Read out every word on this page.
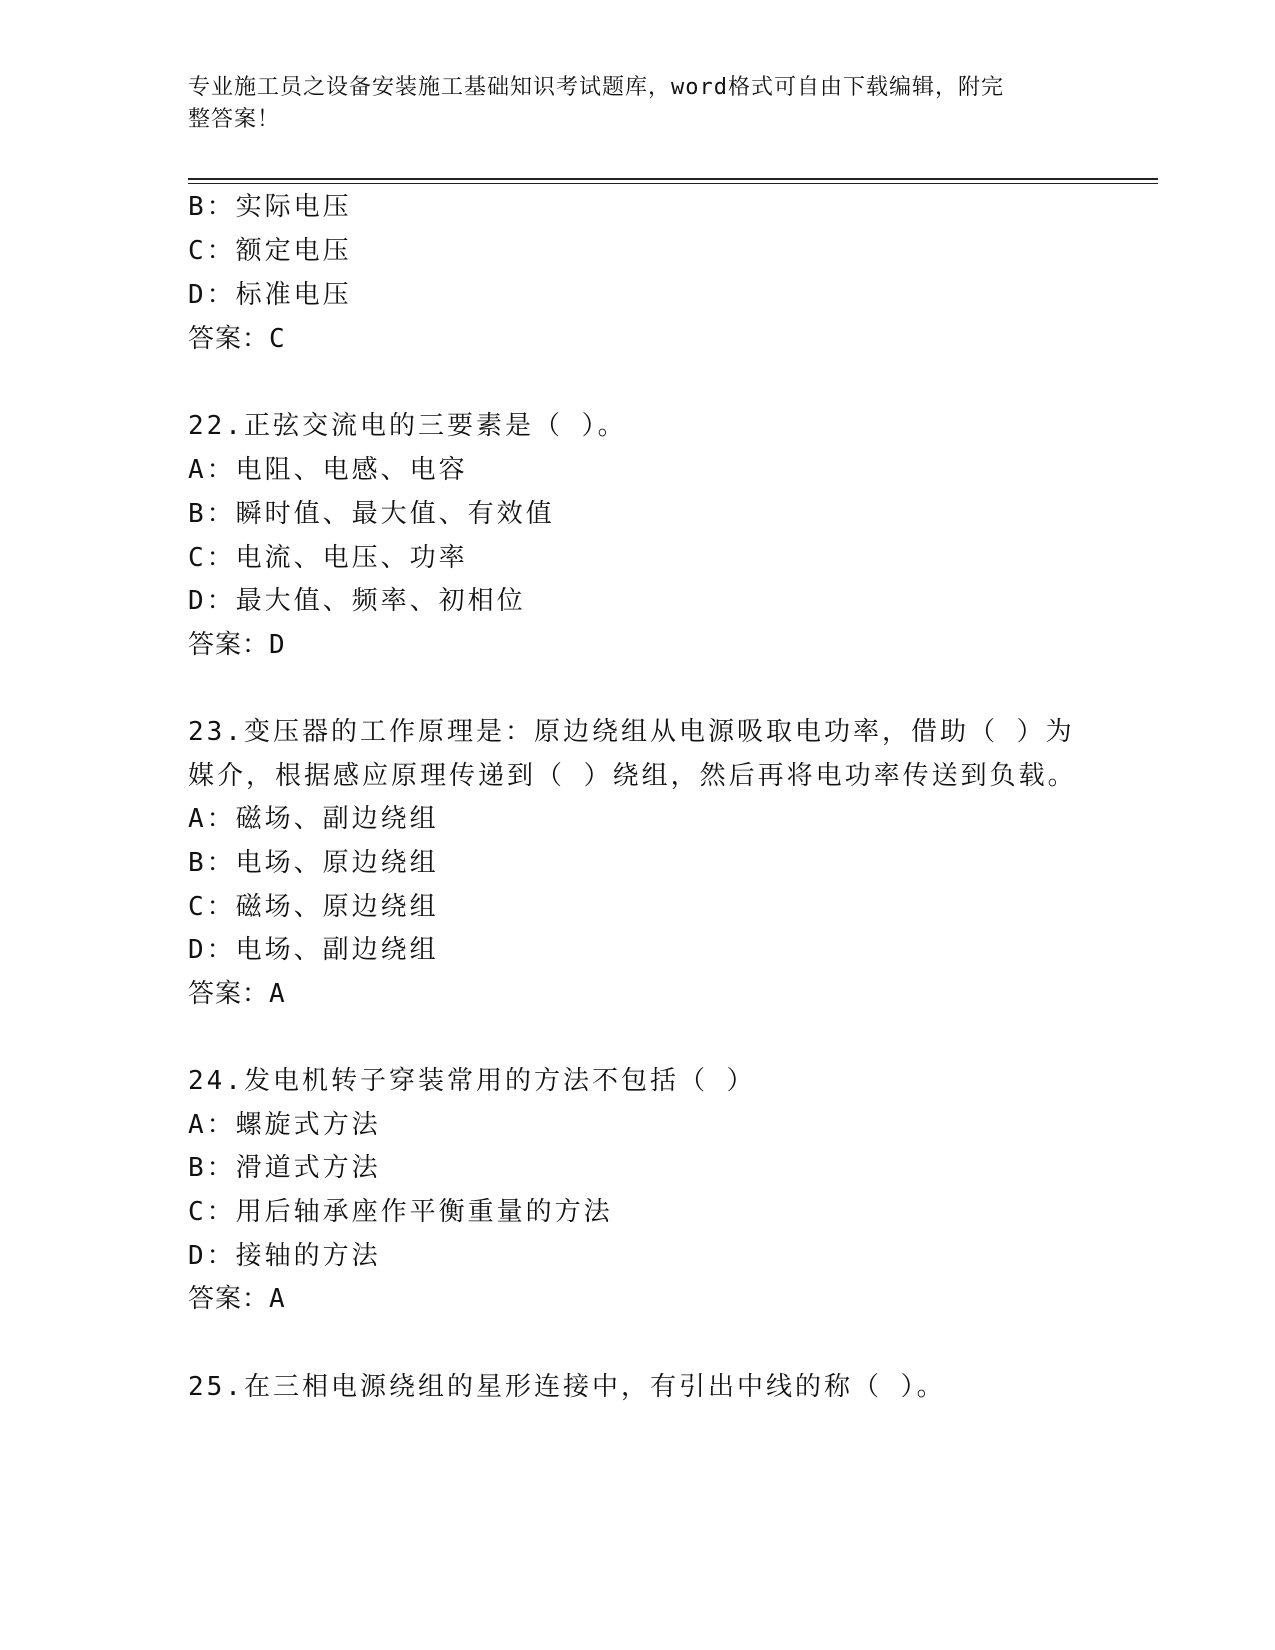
专业施工员之设备安装施工基础知识考试题库，word格式可自由下载编辑，附完
整答案！
B：实际电压
C：额定电压
D：标准电压
答案：C
22.正弦交流电的三要素是（ ）。
A：电阻、电感、电容
B：瞬时值、最大值、有效值
C：电流、电压、功率
D：最大值、频率、初相位
答案：D
23.变压器的工作原理是：原边绕组从电源吸取电功率，借助（ ）为
媒介，根据感应原理传递到（ ）绕组，然后再将电功率传送到负载。
A：磁场、副边绕组
B：电场、原边绕组
C：磁场、原边绕组
D：电场、副边绕组
答案：A
24.发电机转子穿装常用的方法不包括（ ）
A：螺旋式方法
B：滑道式方法
C：用后轴承座作平衡重量的方法
D：接轴的方法
答案：A
25.在三相电源绕组的星形连接中，有引出中线的称（ ）。
